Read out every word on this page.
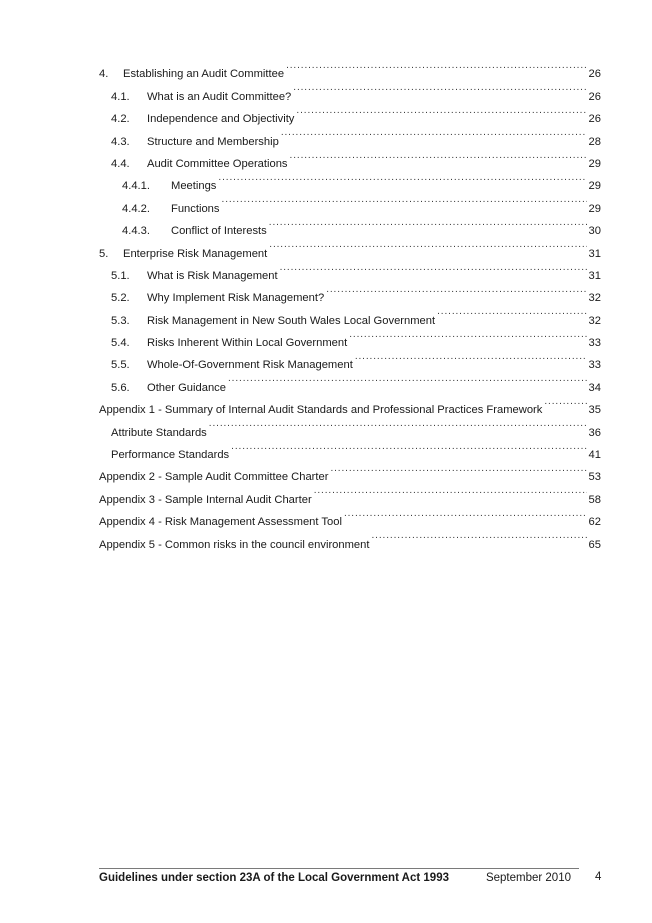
4.	Establishing an Audit Committee .....	26
4.1.	What is an Audit Committee? .....	26
4.2.	Independence and Objectivity .....	26
4.3.	Structure and Membership .....	28
4.4.	Audit Committee Operations .....	29
4.4.1.	Meetings .....	29
4.4.2.	Functions .....	29
4.4.3.	Conflict of Interests .....	30
5.	Enterprise Risk Management .....	31
5.1.	What is Risk Management .....	31
5.2.	Why Implement Risk Management? .....	32
5.3.	Risk Management in New South Wales Local Government .....	32
5.4.	Risks Inherent Within Local Government .....	33
5.5.	Whole-Of-Government Risk Management .....	33
5.6.	Other Guidance .....	34
Appendix 1 - Summary of Internal Audit Standards and Professional Practices Framework .....	35
Attribute Standards .....	36
Performance Standards .....	41
Appendix 2 - Sample Audit Committee Charter .....	53
Appendix 3 - Sample Internal Audit Charter .....	58
Appendix 4 - Risk Management Assessment Tool .....	62
Appendix 5 - Common risks in the council environment .....	65
Guidelines under section 23A of the Local Government Act 1993	September 2010 4
